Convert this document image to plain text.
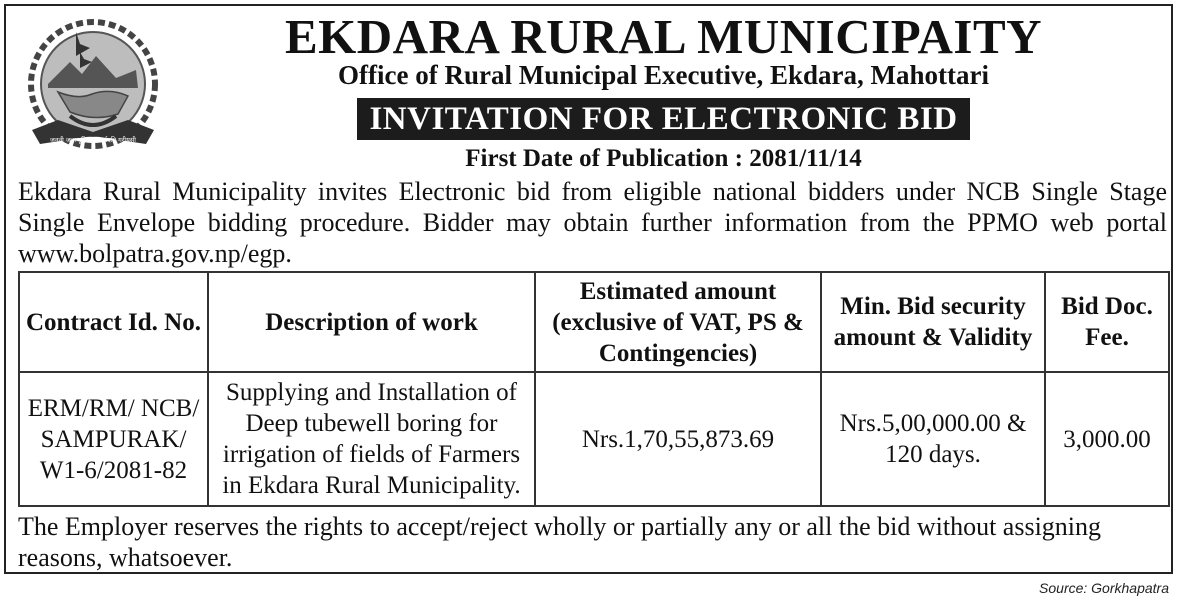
जननी जन्मभूमिश्च स्वर्गादपि गरीयसी
EKDARA RURAL MUNICIPAITY
Office of Rural Municipal Executive, Ekdara, Mahottari
INVITATION FOR ELECTRONIC BID
First Date of Publication : 2081/11/14
Ekdara Rural Municipality invites Electronic bid from eligible national bidders under NCB Single Stage Single Envelope bidding procedure. Bidder may obtain further information from the PPMO web portal www.bolpatra.gov.np/egp.
Contract Id. No.	Description of work	Estimated amount (exclusive of VAT, PS & Contingencies)	Min. Bid security amount & Validity	Bid Doc. Fee.
ERM/RM/ NCB/ SAMPURAK/ W1-6/2081-82	Supplying and Installation of Deep tubewell boring for irrigation of fields of Farmers in Ekdara Rural Municipality.	Nrs.1,70,55,873.69	Nrs.5,00,000.00 & 120 days.	3,000.00
The Employer reserves the rights to accept/reject wholly or partially any or all the bid without assigning reasons, whatsoever.
Source: Gorkhapatra
